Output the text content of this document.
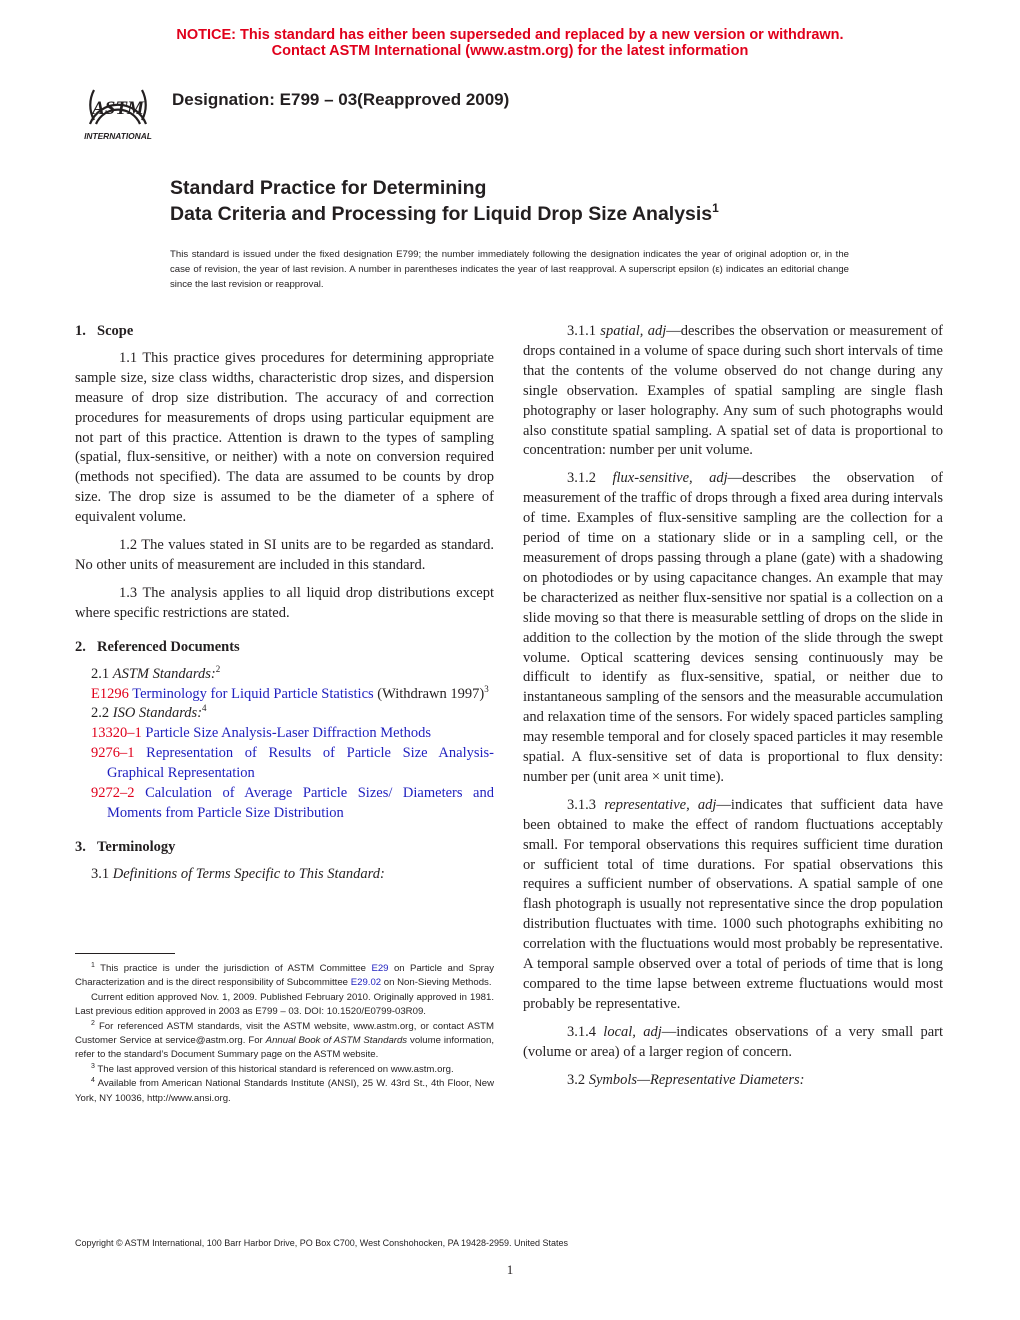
NOTICE: This standard has either been superseded and replaced by a new version or withdrawn.
Contact ASTM International (www.astm.org) for the latest information
ASTM
INTERNATIONAL

Designation: E799 – 03(Reapproved 2009)

Standard Practice for Determining
Data Criteria and Processing for Liquid Drop Size Analysis$^1$

This standard is issued under the fixed designation E799; the number immediately following the designation indicates the year of original adoption or, in the case of revision, the year of last revision. A number in parentheses indicates the year of last reapproval. A superscript epsilon (ε) indicates an editorial change since the last revision or reapproval.

1. Scope

1.1 This practice gives procedures for determining appropriate sample size, size class widths, characteristic drop sizes, and dispersion measure of drop size distribution. The accuracy of and correction procedures for measurements of drops using particular equipment are not part of this practice. Attention is drawn to the types of sampling (spatial, flux-sensitive, or neither) with a note on conversion required (methods not specified). The data are assumed to be counts by drop size. The drop size is assumed to be the diameter of a sphere of equivalent volume.

1.2 The values stated in SI units are to be regarded as standard. No other units of measurement are included in this standard.

1.3 The analysis applies to all liquid drop distributions except where specific restrictions are stated.

2. Referenced Documents
2.1 ASTM Standards:$^2$
E1296 Terminology for Liquid Particle Statistics (Withdrawn 1997)$^3$
2.2 ISO Standards:$^4$
13320–1 Particle Size Analysis-Laser Diffraction Methods
9276–1 Representation of Results of Particle Size Analysis-Graphical Representation
9272–2 Calculation of Average Particle Sizes/ Diameters and Moments from Particle Size Distribution
3. Terminology
3.1 Definitions of Terms Specific to This Standard:

3.1.1 spatial, adj—describes the observation or measurement of drops contained in a volume of space during such short intervals of time that the contents of the volume observed do not change during any single observation. Examples of spatial sampling are single flash photography or laser holography. Any sum of such photographs would also constitute spatial sampling. A spatial set of data is proportional to concentration: number per unit volume.

3.1.2 flux-sensitive, adj—describes the observation of measurement of the traffic of drops through a fixed area during intervals of time. Examples of flux-sensitive sampling are the collection for a period of time on a stationary slide or in a sampling cell, or the measurement of drops passing through a plane (gate) with a shadowing on photodiodes or by using capacitance changes. An example that may be characterized as neither flux-sensitive nor spatial is a collection on a slide moving so that there is measurable settling of drops on the slide in addition to the collection by the motion of the slide through the swept volume. Optical scattering devices sensing continuously may be difficult to identify as flux-sensitive, spatial, or neither due to instantaneous sampling of the sensors and the measurable accumulation and relaxation time of the sensors. For widely spaced particles sampling may resemble temporal and for closely spaced particles it may resemble spatial. A flux-sensitive set of data is proportional to flux density: number per (unit area × unit time).

3.1.3 representative, adj—indicates that sufficient data have been obtained to make the effect of random fluctuations acceptably small. For temporal observations this requires sufficient time duration or sufficient total of time durations. For spatial observations this requires a sufficient number of observations. A spatial sample of one flash photograph is usually not representative since the drop population distribution fluctuates with time. 1000 such photographs exhibiting no correlation with the fluctuations would most probably be representative. A temporal sample observed over a total of periods of time that is long compared to the time lapse between extreme fluctuations would most probably be representative.

3.1.4 local, adj—indicates observations of a very small part (volume or area) of a larger region of concern.

3.2 Symbols—Representative Diameters:

$^1$ This practice is under the jurisdiction of ASTM Committee E29 on Particle and Spray Characterization and is the direct responsibility of Subcommittee E29.02 on Non-Sieving Methods.

Current edition approved Nov. 1, 2009. Published February 2010. Originally approved in 1981. Last previous edition approved in 2003 as E799 – 03. DOI: 10.1520/E0799-03R09.

$^2$ For referenced ASTM standards, visit the ASTM website, www.astm.org, or contact ASTM Customer Service at service@astm.org. For Annual Book of ASTM Standards volume information, refer to the standard’s Document Summary page on the ASTM website.

$^3$ The last approved version of this historical standard is referenced on www.astm.org.

$^4$ Available from American National Standards Institute (ANSI), 25 W. 43rd St., 4th Floor, New York, NY 10036, http://www.ansi.org.

Copyright © ASTM International, 100 Barr Harbor Drive, PO Box C700, West Conshohocken, PA 19428-2959. United States

1
